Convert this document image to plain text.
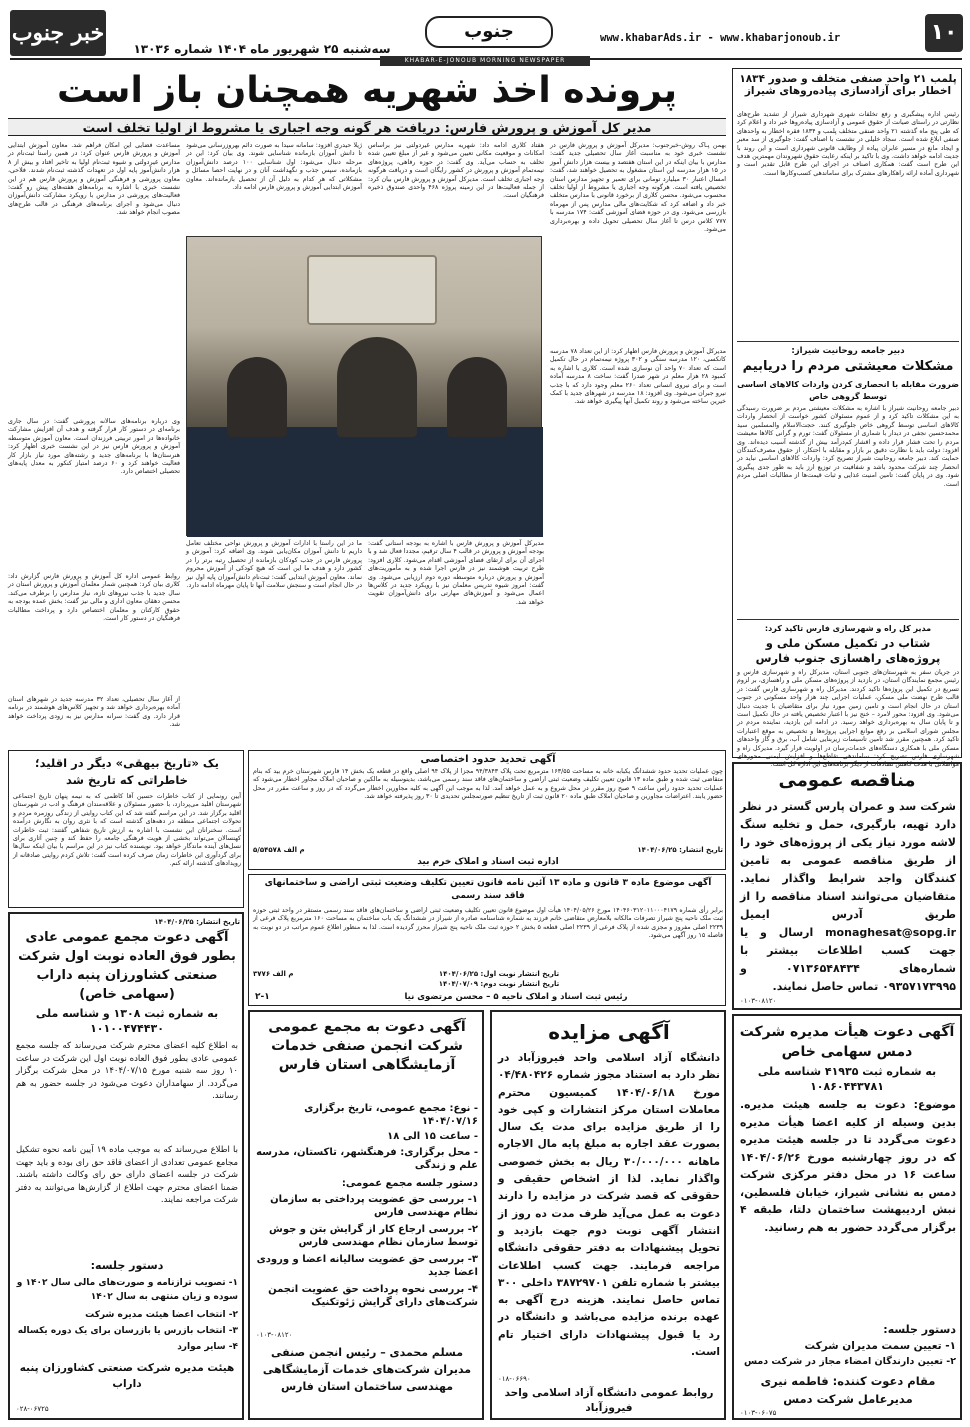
خبر جنوب
سه‌شنبه ۲۵ شهریور ماه ۱۴۰۴ شماره ۱۳۰۳۶
جنوب	www.khabarAds.ir - www.khabarjonoub.ir	۱۰
KHABAR-E-JONOUB MORNING NEWSPAPER
پرونده اخذ شهریه همچنان باز است
مدیر کل آموزش و پرورش فارس: دریافت هر گونه وجه اجباری یا مشروط از اولیا تخلف است
بهمن پـاک روش-خبرجنوب: مدیرکل آموزش و پرورش فارس در نشست خبری خود به مناسبت آغاز سال تحصیلی جدید گفت: مدارس با بیان اینکه در این استان هفتصد و بیست هزار دانش آموز در ۱۵ هزار مدرسه این استان مشغول به تحصیل خواهند شد، گفت: امسال اعتبار ۳۰ میلیارد تومانی برای تعمیر و تجهیز مدارس استان تخصیص یافته است. هرگونه وجه اجباری یا مشروط از اولیا تخلف محسوب می‌شود. محسن کلاری از برخورد قانونی با مدارس متخلف خبر داد و اضافه کرد که شکایت‌های مالی مدارس پس از مهرماه بازرسی می‌شود. وی در حوزه فضای آموزشی گفت: ۱۷۴ مدرسه با ۷۷۷ کلاس درس تا آغاز سال تحصیلی تحویل داده و بهره‌برداری می‌شود.
هفتاد کلاری ادامه داد: شهریه مدارس غیردولتی نیز براساس امکانات و موقعیت مکانی تعیین می‌شود و غیر از مبلغ تعیین شده تخلف به حساب می‌آید. وی گفت: در حوزه رفاهی، پروژه‌های نیمه‌تمام آموزش و پرورش در کشور رایگان است و دریافت هرگونه وجه اجباری تخلف است. مدیرکل آموزش و پرورش فارس بیان کرد: از جمله فعالیت‌ها در این زمینه پروژه ۴۶۸ واحدی صندوق ذخیره فرهنگیان است.
ژیلا حیدری افزود: سامانه سیدا به صورت دائم بهروزرسانی می‌شود تا دانش آموزان بازمانده شناسایی شوند. وی بیان کرد: این در مرحله دنبال می‌شود: اول شناسایی ۱۰۰ درصد دانش‌آموزان بازمانده، سپس جذب و نگهداشت آنان و در نهایت احصا مسائل و مشکلاتی که هر کدام به دلیل آن از تحصیل بازمانده‌اند. معاون آموزش ابتدایی آموزش و پرورش فارس ادامه داد.
مساعدت فضایی این امکان فراهم شد. معاون آموزش ابتدایی آموزش و پرورش فارس عنوان کرد: در همین راستا ثبت‌نام در مدارس غیردولتی و شیوه ثبت‌نام اولیا به تاخیر افتاد و بیش از ۸ هزار دانش‌آموز پایه اول در تعهدات گذشته ثبت‌نام شدند. فلاحی، معاون پرورشی و فرهنگی آموزش و پرورش فارس هم در این نشست خبری با اشاره به برنامه‌های هفته‌های پیش رو گفت: فعالیت‌های پرورشی در مدارس با رویکرد مشارکت دانش‌آموزان دنبال می‌شود و اجرای برنامه‌های فرهنگی در قالب طرح‌های مصوب انجام خواهد شد.
مدیرکل آموزش و پرورش فارس اظهار کرد: از این تعداد ۷۸ مدرسه کانکسی، ۱۲۰ مدرسه سنگی و ۳۰۲ پروژه نیمه‌تمام در حال تکمیل است که تعداد ۷۰ واحد آن نوسازی شده است. کلاری با اشاره به کمبود ۲۸ هزار معلم در شهر صدرا گفت: ساخت ۸ مدرسه آماده است و برای نیروی انسانی تعداد ۲۶۰ معلم وجود دارد که با جذب نیرو جبران می‌شود. وی افزود: ۱۸ مدرسه در شهرهای جدید با کمک خیرین ساخته می‌شود و روند تکمیل آنها پیگیری خواهد شد.
وی درباره برنامه‌های سالانه پرورشی گفت: در سال جاری برنامه‌ای در دستور کار قرار گرفته و هدف آن افزایش مشارکت خانواده‌ها در امور تربیتی فرزندان است. معاون آموزش متوسطه آموزش و پرورش فارس نیز در این نشست خبری اظهار کرد: هنرستان‌ها با برنامه‌های جدید و رشته‌های مورد نیاز بازار کار فعالیت خواهند کرد و ۶۰ درصد امتیاز کنکور به معدل پایه‌های تحصیلی اختصاص دارد.
مدیرکل آموزش و پرورش فارس با اشاره به بودجه استانی گفت: بودجه آموزش و پرورش در قالب ۴ سال ترقیم، مجددا فعال شد و با اجرای آن برای ارتقای فضای آموزشی اقدام می‌شود. کلاری افزود: طرح تربیت هوشمند نیز در فارس اجرا شده و به مأموریت‌های آموزش و پرورش درباره متوسطه دوره دوم ارزیابی می‌شود. وی گفت: امروز شیوه تدریس معلمان نیز با رویکرد جدید در کلاس‌ها اعمال می‌شود و آموزش‌های مهارتی برای دانش‌آموزان تقویت خواهد شد.
ما در این راستا با ادارات آموزش و پرورش نواحی مختلف تعامل داریم تا دانش آموزان مکان‌یابی شوند. وی اضافه کرد: آموزش و پرورش فارس در جذب کودکان بازمانده از تحصیل رتبه برتر را در کشور دارد و هدف ما این است که هیچ کودکی از آموزش محروم نماند. معاون آموزش ابتدایی گفت: ثبت‌نام دانش‌آموزان پایه اول نیز در حال انجام است و سنجش سلامت آنها تا پایان مهرماه ادامه دارد.
روابط عمومی اداره کل آموزش و پرورش فارس گزارش داد: کلاری بیان کرد: همچنین شمار معلمان آموزش و پرورش استان در سال جدید با جذب نیروهای تازه، نیاز مدارس را برطرف می‌کند. محسن دهقان معاون اداری و مالی نیز گفت: بخش عمده بودجه به حقوق کارکنان و معلمان اختصاص دارد و پرداخت مطالبات فرهنگیان در دستور کار است.
از آغاز سال تحصیلی، تعداد ۳۲ مدرسه جدید در شهرهای استان آماده بهره‌برداری خواهد شد و تجهیز کلاس‌های هوشمند در برنامه قرار دارد. وی گفت: سرانه مدارس نیز به زودی پرداخت خواهد شد.
پلمب ۲۱ واحد صنفی متخلف و صدور ۱۸۳۴ اخطار برای آزادسازی پیاده‌روهای شیراز
رئیس اداره پیشگیری و رفع تخلفات شهری شهرداری شیراز از تشدید طرح‌های نظارتی در راستای صیانت از حقوق عمومی و آزادسازی پیاده‌روها خبر داد و اعلام کرد که طی پنج ماه گذشته ۲۱ واحد صنفی متخلف پلمب و ۱۸۳۴ فقره اخطار به واحدهای صنفی ابلاغ شده است. سجاد خلیلی در نشست با اصناف گفت: جلوگیری از سد معبر و ایجاد مانع در مسیر عابران پیاده از وظایف قانونی شهرداری است و این روند با جدیت ادامه خواهد داشت. وی با تاکید بر اینکه رعایت حقوق شهروندان مهمترین هدف این طرح است گفت: همکاری اصناف در اجرای این طرح قابل تقدیر است و شهرداری آماده ارائه راهکارهای مشترک برای ساماندهی کسب‌وکارها است.
دبیر جامعه روحانیت شیراز:
مشکلات معیشتی مردم را دریابیم
ضرورت مقابله با انحصاری کردن واردات کالاهای اساسی توسط گروهی خاص
دبیر جامعه روحانیت شیراز با اشاره به مشکلات معیشتی مردم بر ضرورت رسیدگی به این مشکلات تاکید کرد و از عموم مسئولان کشور خواست از انحصار واردات کالاهای اساسی توسط گروهی خاص جلوگیری کنند. حجت‌الاسلام والمسلمین سید محمدحسین نجفی در دیدار با شماری از مسئولان گفت: تورم و گرانی کالاها معیشت مردم را تحت فشار قرار داده و اقشار کم‌درآمد بیش از گذشته آسیب دیده‌اند. وی افزود: دولت باید با نظارت دقیق بر بازار و مقابله با احتکار، از حقوق مصرف‌کنندگان حمایت کند. دبیر جامعه روحانیت شیراز تصریح کرد: واردات کالاهای اساسی نباید در انحصار چند شرکت محدود باشد و شفافیت در توزیع ارز باید به طور جدی پیگیری شود. وی در پایان گفت: تامین امنیت غذایی و ثبات قیمت‌ها از مطالبات اصلی مردم است.
مدیر کل راه و شهرسازی فارس تاکید کرد:
شتاب در تکمیل مسکن ملی و پروژه‌های راهسازی جنوب فارس
در جریان سفر به شهرستان‌های جنوبی استان، مدیرکل راه و شهرسازی فارس و رئیس مجمع نمایندگان استان، در بازدید از پروژه‌های مسکن ملی و راهسازی، بر لزوم تسریع در تکمیل این پروژه‌ها تاکید کردند. مدیرکل راه و شهرسازی فارس گفت: در قالب طرح نهضت ملی مسکن، عملیات اجرایی چند هزار واحد مسکونی در جنوب استان در حال انجام است و تامین زمین مورد نیاز برای متقاضیان با جدیت دنبال می‌شود. وی افزود: محور لامرد – خنج نیز با اعتبار تخصیص یافته در حال تکمیل است و تا پایان سال به بهره‌برداری خواهد رسید. در ادامه این بازدید، نماینده مردم در مجلس شورای اسلامی بر رفع موانع اجرایی پروژه‌ها و تخصیص به موقع اعتبارات تاکید کرد. همچنین مقرر شد تامین تاسیسات زیربنایی شامل آب، برق و گاز واحدهای مسکن ملی با همکاری دستگاه‌های خدمات‌رسان در اولویت قرار گیرد. مدیرکل راه و شهرسازی فارس تصریح کرد: ساماندهی تقاطع‌ها و افزایش ایمنی محورهای مواصلاتی با هدف کاهش تصادفات از دیگر برنامه‌های این اداره کل است.
یک «تاریخ بیهقی» دیگر در اقلید؛ خاطراتی که تاریخ شد
آیین رونمایی از کتاب خاطرات حسین آقا کاظمی که به نیمه پنهان تاریخ اجتماعی شهرستان اقلید می‌پردازد، با حضور مسئولان و علاقه‌مندان فرهنگ و ادب در شهرستان اقلید برگزار شد. در این مراسم گفته شد که این کتاب روایتی از زندگی روزمره مردم و تحولات اجتماعی منطقه در دهه‌های گذشته است که با نثری روان به نگارش درآمده است. سخنرانان این نشست با اشاره به ارزش تاریخ شفاهی گفتند: ثبت خاطرات کهنسالان می‌تواند بخشی از هویت فرهنگی جامعه را حفظ کند و چنین آثاری برای نسل‌های آینده ماندگار خواهد بود. نویسنده کتاب نیز در این مراسم با بیان اینکه سال‌ها برای گردآوری این خاطرات زمان صرف کرده است گفت: تلاش کردم روایتی صادقانه از رویدادهای گذشته ارائه کنم.
آگهی تحدید حدود اختصاصی
چون عملیات تحدید حدود ششدانگ یکبابه خانه به مساحت ۱۶۳/۵۵ مترمربع تحت پلاک ۹۴/۳۸۴۳ مجزا از پلاک ۹۴ اصلی واقع در قطعه یک بخش ۱۴ فارس شهرستان خرم بید که بنام متقاضی ثبت شده و طبق ماده ۱۳ قانون تعیین تکلیف وضعیت ثبتی اراضی و ساختمان‌های فاقد سند رسمی می‌باشد، بدینوسیله به مالکین و صاحبان املاک مجاور اخطار می‌شود که عملیات تحدید حدود رأس ساعت ۹ صبح روز مقرر در محل شروع و به عمل خواهد آمد. لذا به موجب این آگهی به کلیه مجاورین اخطار می‌گردد که در روز و ساعت مقرر در محل حضور یابند. اعتراضات مجاورین و صاحبان املاک طبق ماده ۲۰ قانون ثبت از تاریخ تنظیم صورتمجلس تحدیدی تا ۳۰ روز پذیرفته خواهد شد.
تاریخ انتشار: ۱۴۰۴/۰۶/۲۵
م الف ۵/۵۴۵۷۸
اداره ثبت اسناد و املاک خرم بید
آگهی موضوع ماده ۳ قانون و ماده ۱۳ آئین نامه قانون تعیین تکلیف وضعیت ثبتی اراضی و ساختمانهای فاقد سند رسمی
برابر رأی شماره ۱۴۰۴۶۰۳۱۲۰۱۱۰۰۰۴۱۷۹ مورخ ۱۴۰۴/۰۵/۲۶ هیأت اول موضوع قانون تعیین تکلیف وضعیت ثبتی اراضی و ساختمان‌های فاقد سند رسمی مستقر در واحد ثبتی حوزه ثبت ملک ناحیه پنج شیراز تصرفات مالکانه بلامعارض متقاضی خانم فرزند به شماره شناسنامه صادره از شیراز در ششدانگ یک باب ساختمان به مساحت ۱۶۰ مترمربع پلاک فرعی از ۲۲۳۹ اصلی مفروز و مجزی شده از پلاک فرعی از ۲۲۳۹ اصلی قطعه ۵ بخش ۲ حوزه ثبت ملک ناحیه پنج شیراز محرز گردیده است. لذا به منظور اطلاع عموم مراتب در دو نوبت به فاصله ۱۵ روز آگهی می‌شود.
م الف ۳۷۷۶	تاریخ انتشار نوبت اول: ۱۴۰۴/۰۶/۲۵
تاریخ انتشار نوبت دوم: ۱۴۰۴/۰۷/۰۹
رئیس ثبت اسناد و املاک ناحیه ۵ – محسن مرتضوی نیا
۲-۱
مناقصه عمومی
شرکت سد و عمران پارس گستر در نظر دارد تهیه، بارگیری، حمل و تخلیه سنگ لاشه مورد نیاز یکی از پروژه‌های خود را از طریق مناقصه عمومی به تامین کنندگان واجد شرایط واگذار نماید. متقاضیان می‌توانند اسناد مناقصه را از طریق آدرس ایمیل monaghesat@sopg.ir ارسال و یا جهت کسب اطلاعات بیشتر با شماره‌های ۰۷۱۳۶۵۴۸۴۳۴ و ۰۹۳۵۷۱۷۳۹۹۵ تماس حاصل نمایند.
۰۱۰۳-۰۸۱۲۰
تاریخ انتشار: ۱۴۰۴/۰۶/۲۵
آگهی دعوت مجمع عمومی عادی بطور فوق العاده نوبت اول شرکت صنعتی کشاورزان پنبه داراب (سهامی خاص)
به شماره ثبت ۱۳۰۸ و شناسه ملی ۱۰۱۰۰۴۷۴۴۳۰
به اطلاع کلیه اعضای محترم شرکت می‌رساند که جلسه مجمع عمومی عادی بطور فوق العاده نوبت اول این شرکت در ساعت ۱۰ روز سه شنبه مورخ ۱۴۰۴/۰۷/۱۵ در محل شرکت برگزار می‌گردد. از سهامداران دعوت می‌شود در جلسه حضور به هم رسانند.
با اطلاع می‌رساند که به موجب ماده ۱۹ آیین نامه نحوه تشکیل مجامع عمومی تعدادی از اعضای فاقد حق رای بوده و باید جهت شرکت در جلسه اعضای دارای حق رای وکالت داشته باشند. ضمنا اعضای محترم جهت اطلاع از گزارش‌ها می‌توانند به دفتر شرکت مراجعه نمایند.
دستور جلسه:
۱- تصویب ترازنامه و صورت‌های مالی سال ۱۴۰۲ و سوده و زیان منتهی به سال ۱۴۰۲
۲- انتخاب اعضا هیئت مدیره شرکت
۳- انتخاب بازرس یا بازرسان برای یک دوره یکساله
۴- سایر موارد
هیئت مدیره شرکت صنعتی کشاورزان پنبه داراب
۰۲۸-۰۶۷۲۵
آگهی دعوت به مجمع عمومی شرکت انجمن صنفی خدمات آزمایشگاهی استان فارس
- نوع: مجمع عمومی، تاریخ برگزاری ۱۴۰۴/۰۷/۱۶
- ساعت ۱۵ الی ۱۸
- محل برگزاری: فرهنگشهر، تاکستان، مدرسه علم و زندگی
دستور جلسه مجمع عمومی:
۱- بررسی حق عضویت پرداختی به سازمان نظام مهندسی فارس
۲- بررسی ارجاع کار از گرایش بتن و جوش توسط سازمان نظام مهندسی فارس
۳- بررسی حق عضویت سالیانه اعضا و ورودی اعضا جدید
۴- بررسی نحوه پرداخت حق عضویت انجمن شرکت‌های دارای گرایش ژئوتکنیک
۰۱۰۳-۰۸۱۲۰
مسلم محمدی – رئیس انجمن صنفی مدیران شرکت‌های خدمات آزمایشگاهی مهندسی ساختمان استان فارس
آگهی مزایده
دانشگاه آزاد اسلامی واحد فیروزآباد در نظر دارد به استناد مجوز شماره ۰۴/۴۸۰۴۲۶ مورخ ۱۴۰۴/۰۶/۱۸ کمیسیون محترم معاملات استان مرکز انتشارات و کپی خود را از طریق مزایده برای مدت یک سال بصورت عقد اجاره به مبلغ پایه مال الاجاره ماهانه ۳۰/۰۰۰/۰۰۰ ریال به بخش خصوصی واگذار نماید. لذا از اشخاص حقیقی و حقوقی که قصد شرکت در مزایده را دارند دعوت به عمل می‌آید ظرف مدت ده روز از انتشار آگهی نوبت دوم جهت بازدید و تحویل پیشنهادات به دفتر حقوقی دانشگاه مراجعه فرمایند. جهت کسب اطلاعات بیشتر با شماره تلفن ۳۸۷۲۹۷۰۱ داخلی ۳۰۰ تماس حاصل نمایند. هزینه درج آگهی به عهده برنده مزایده می‌باشد و دانشگاه در رد یا قبول پیشنهادات دارای اختیار تام است.
۰۱۸-۰۶۶۹۰
روابط عمومی دانشگاه آزاد اسلامی واحد فیروزآباد
آگهی دعوت هیأت مدیره شرکت دمس سهامی خاص
به شماره ثبت ۴۱۹۳۵ شناسه ملی ۱۰۸۶۰۴۴۳۷۸۱
موضوع: دعوت به جلسه هیئت مدیره. بدین وسیله از کلیه اعضا هیأت مدیره دعوت می‌گردد تا در جلسه هیئت مدیره که در روز چهارشنبه مورخ ۱۴۰۴/۰۶/۲۶ ساعت ۱۶ در محل دفتر مرکزی شرکت دمس به نشانی شیراز، خیابان فلسطین، نبش اردیبهشت ساختمان دلتا، طبقه ۴ برگزار می‌گردد حضور به هم رسانید.
دستور جلسه:
۱- تعیین سمت مدیران شرکت
۲- تعیین دارندگان امضاء مجاز در شرکت دمس
مقام دعوت کننده: فاطمه نیری مدیرعامل شرکت دمس
۰۱۰۳-۰۶۰۷۵
